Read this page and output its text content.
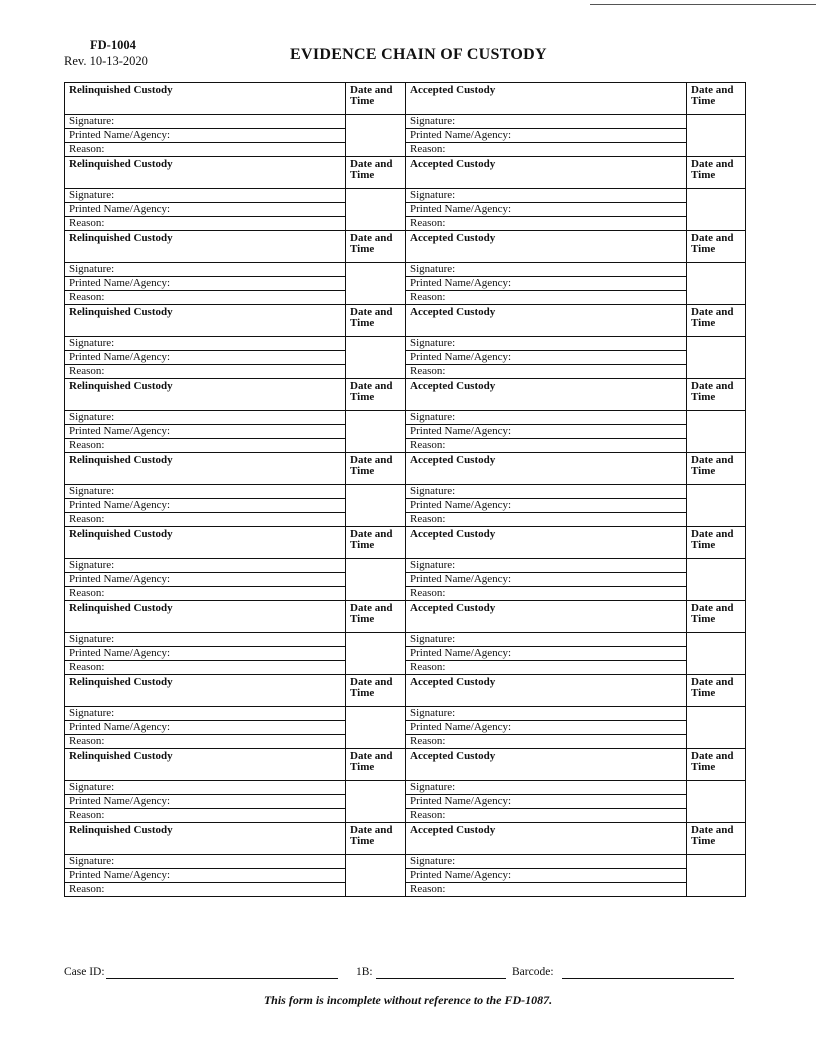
FD-1004
Rev. 10-13-2020	EVIDENCE CHAIN OF CUSTODY
Relinquished Custody	Date and Time	Accepted Custody	Date and Time
Signature:		Signature:	
Printed Name/Agency:		Printed Name/Agency:	
Reason:		Reason:	
Relinquished Custody	Date and Time	Accepted Custody	Date and Time
Signature:		Signature:	
Printed Name/Agency:		Printed Name/Agency:	
Reason:		Reason:	
Relinquished Custody	Date and Time	Accepted Custody	Date and Time
Signature:		Signature:	
Printed Name/Agency:		Printed Name/Agency:	
Reason:		Reason:	
Relinquished Custody	Date and Time	Accepted Custody	Date and Time
Signature:		Signature:	
Printed Name/Agency:		Printed Name/Agency:	
Reason:		Reason:	
Relinquished Custody	Date and Time	Accepted Custody	Date and Time
Signature:		Signature:	
Printed Name/Agency:		Printed Name/Agency:	
Reason:		Reason:	
Relinquished Custody	Date and Time	Accepted Custody	Date and Time
Signature:		Signature:	
Printed Name/Agency:		Printed Name/Agency:	
Reason:		Reason:	
Relinquished Custody	Date and Time	Accepted Custody	Date and Time
Signature:		Signature:	
Printed Name/Agency:		Printed Name/Agency:	
Reason:		Reason:	
Relinquished Custody	Date and Time	Accepted Custody	Date and Time
Signature:		Signature:	
Printed Name/Agency:		Printed Name/Agency:	
Reason:		Reason:	
Relinquished Custody	Date and Time	Accepted Custody	Date and Time
Signature:		Signature:	
Printed Name/Agency:		Printed Name/Agency:	
Reason:		Reason:	
Relinquished Custody	Date and Time	Accepted Custody	Date and Time
Signature:		Signature:	
Printed Name/Agency:		Printed Name/Agency:	
Reason:		Reason:	
Relinquished Custody	Date and Time	Accepted Custody	Date and Time
Signature:		Signature:	
Printed Name/Agency:		Printed Name/Agency:	
Reason:		Reason:	
Case ID:	1B:	Barcode:
This form is incomplete without reference to the FD-1087.
